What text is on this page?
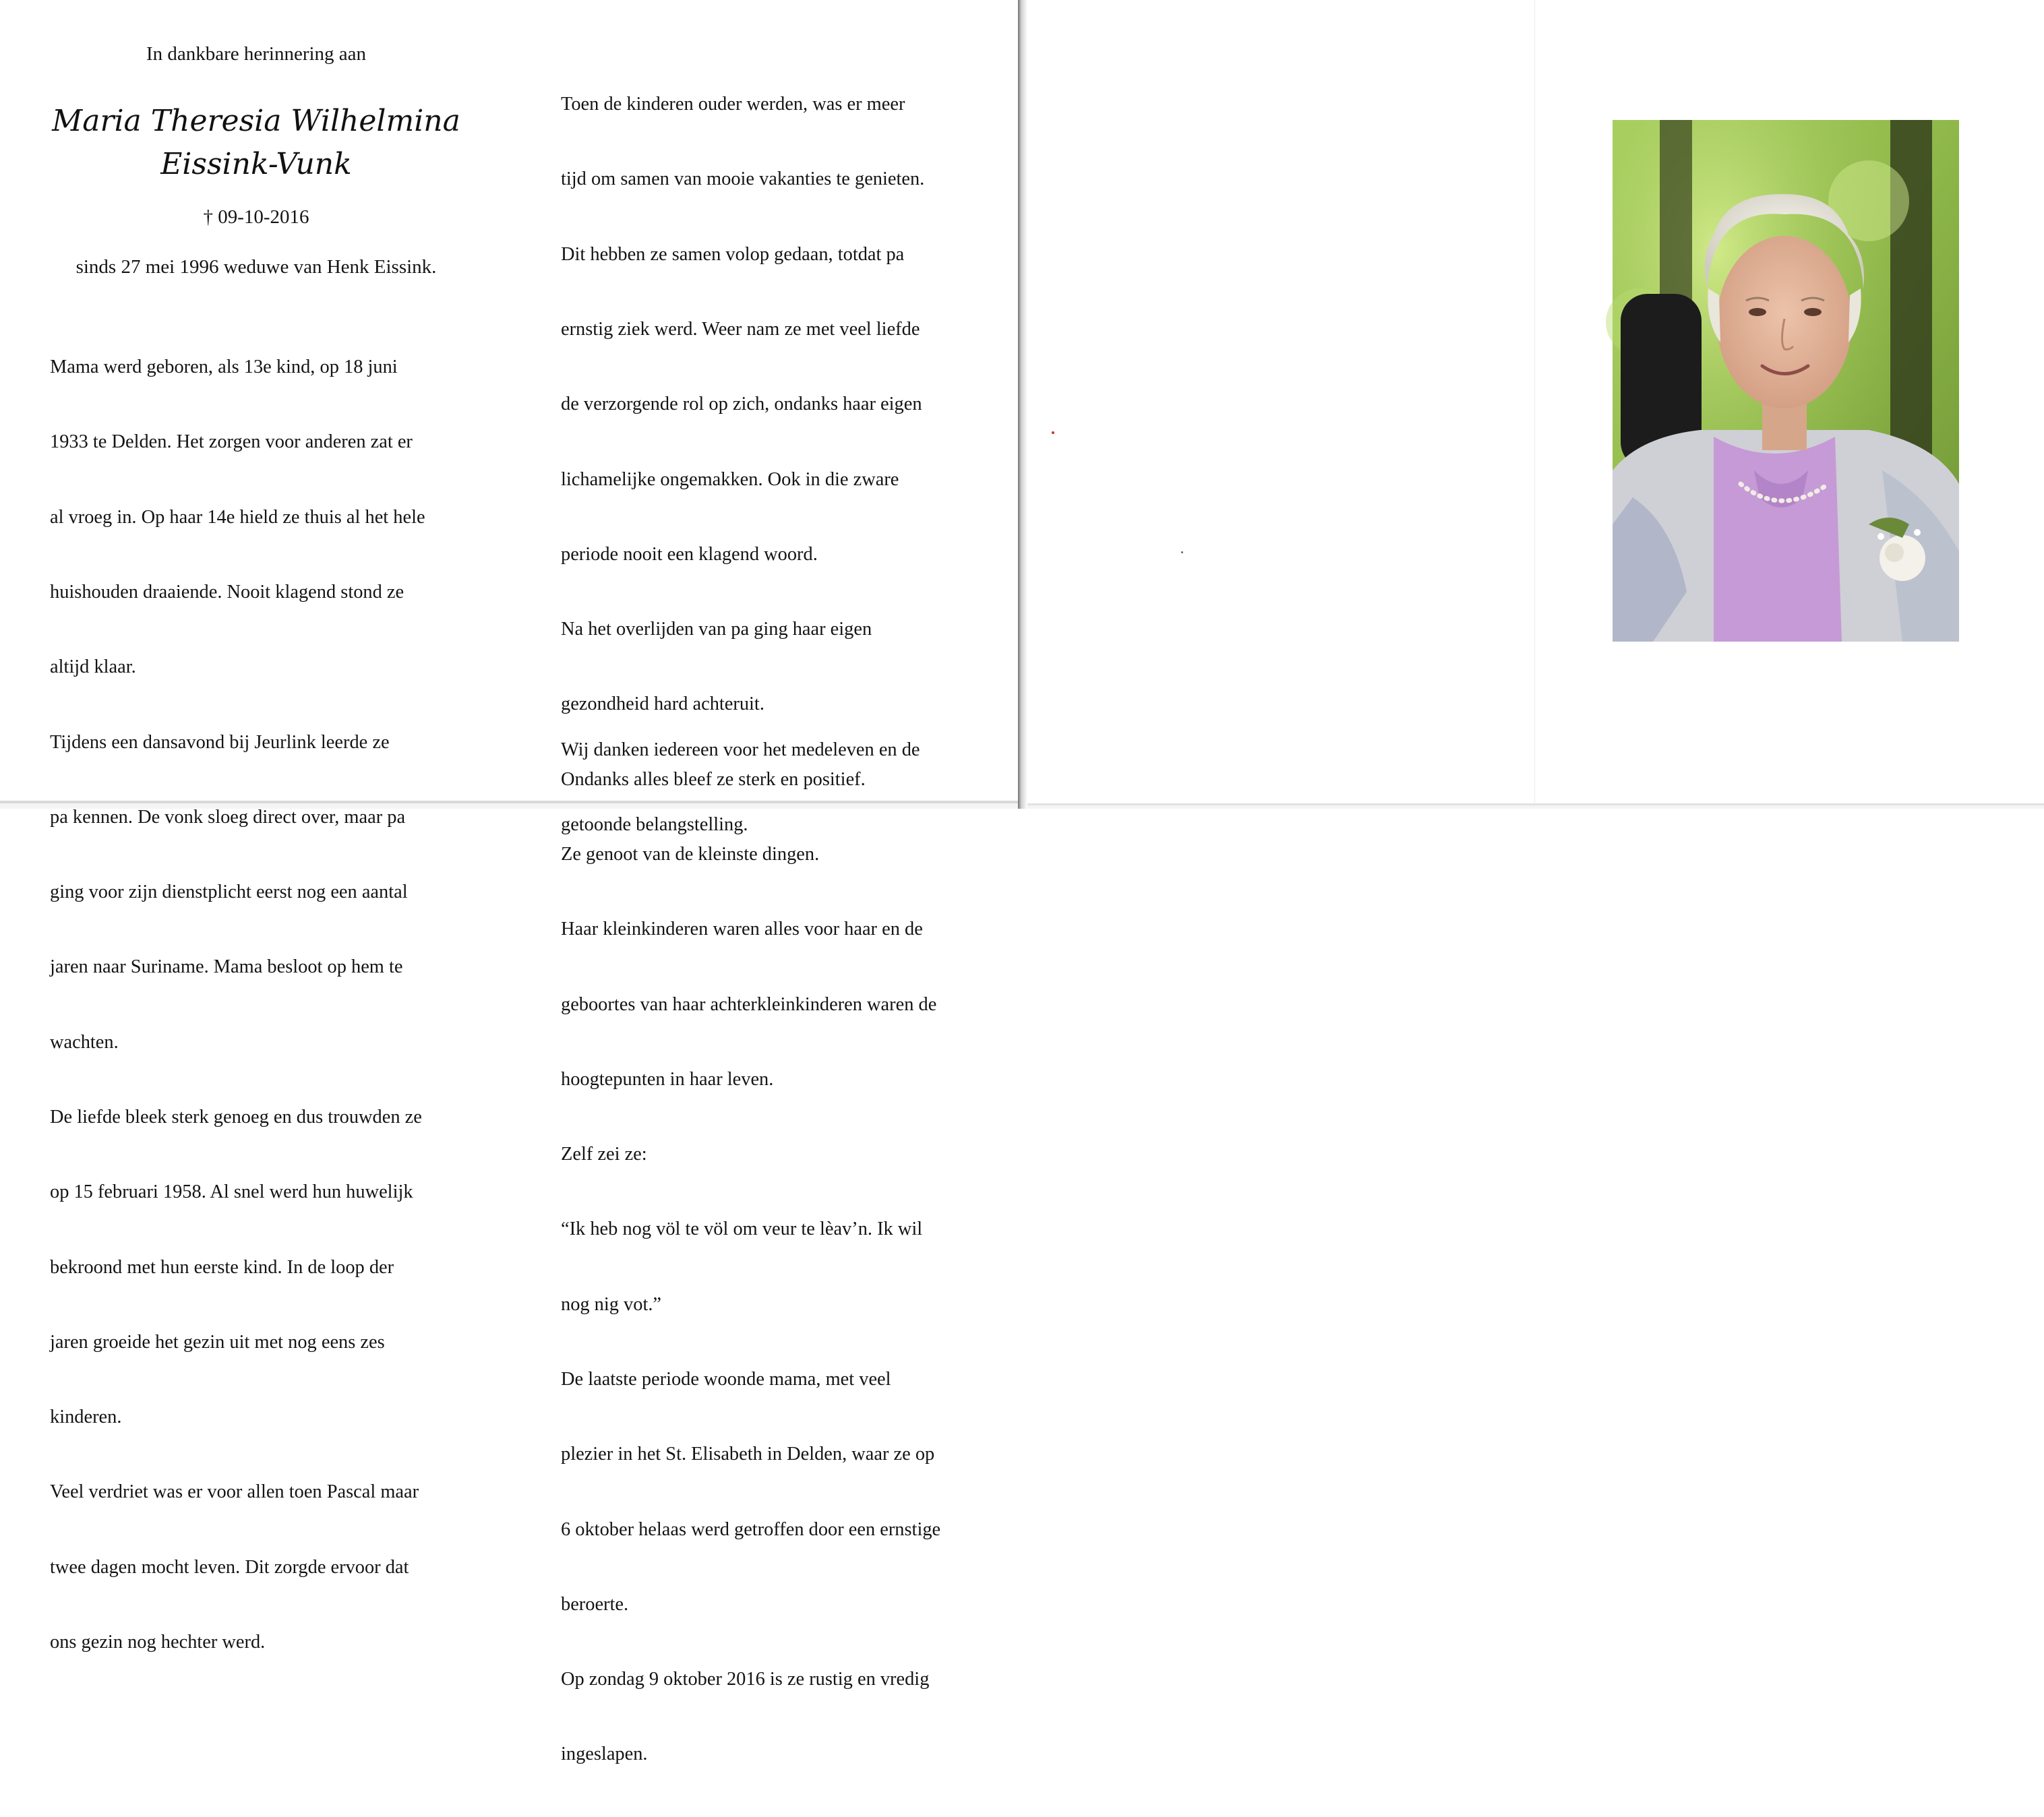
In dankbare herinnering aan
Maria Theresia Wilhelmina
Eissink-Vunk
† 09-10-2016
sinds 27 mei 1996 weduwe van Henk Eissink.

Mama werd geboren, als 13e kind, op 18 juni

1933 te Delden. Het zorgen voor anderen zat er

al vroeg in. Op haar 14e hield ze thuis al het hele

huishouden draaiende. Nooit klagend stond ze

altijd klaar.

Tijdens een dansavond bij Jeurlink leerde ze

pa kennen. De vonk sloeg direct over, maar pa

ging voor zijn dienstplicht eerst nog een aantal

jaren naar Suriname. Mama besloot op hem te

wachten.

De liefde bleek sterk genoeg en dus trouwden ze

op 15 februari 1958. Al snel werd hun huwelijk

bekroond met hun eerste kind. In de loop der

jaren groeide het gezin uit met nog eens zes

kinderen.

Veel verdriet was er voor allen toen Pascal maar

twee dagen mocht leven. Dit zorgde ervoor dat

ons gezin nog hechter werd.

Toen de kinderen ouder werden, was er meer

tijd om samen van mooie vakanties te genieten.

Dit hebben ze samen volop gedaan, totdat pa

ernstig ziek werd. Weer nam ze met veel liefde

de verzorgende rol op zich, ondanks haar eigen

lichamelijke ongemakken. Ook in die zware

periode nooit een klagend woord.

Na het overlijden van pa ging haar eigen

gezondheid hard achteruit.

Ondanks alles bleef ze sterk en positief.

Ze genoot van de kleinste dingen.

Haar kleinkinderen waren alles voor haar en de

geboortes van haar achterkleinkinderen waren de

hoogtepunten in haar leven.

Zelf zei ze:

“Ik heb nog völ te völ om veur te lèav’n. Ik wil

nog nig vot.”

De laatste periode woonde mama, met veel

plezier in het St. Elisabeth in Delden, waar ze op

6 oktober helaas werd getroffen door een ernstige

beroerte.

Op zondag 9 oktober 2016 is ze rustig en vredig

ingeslapen.

Wij danken iedereen voor het medeleven en de

getoonde belangstelling.
